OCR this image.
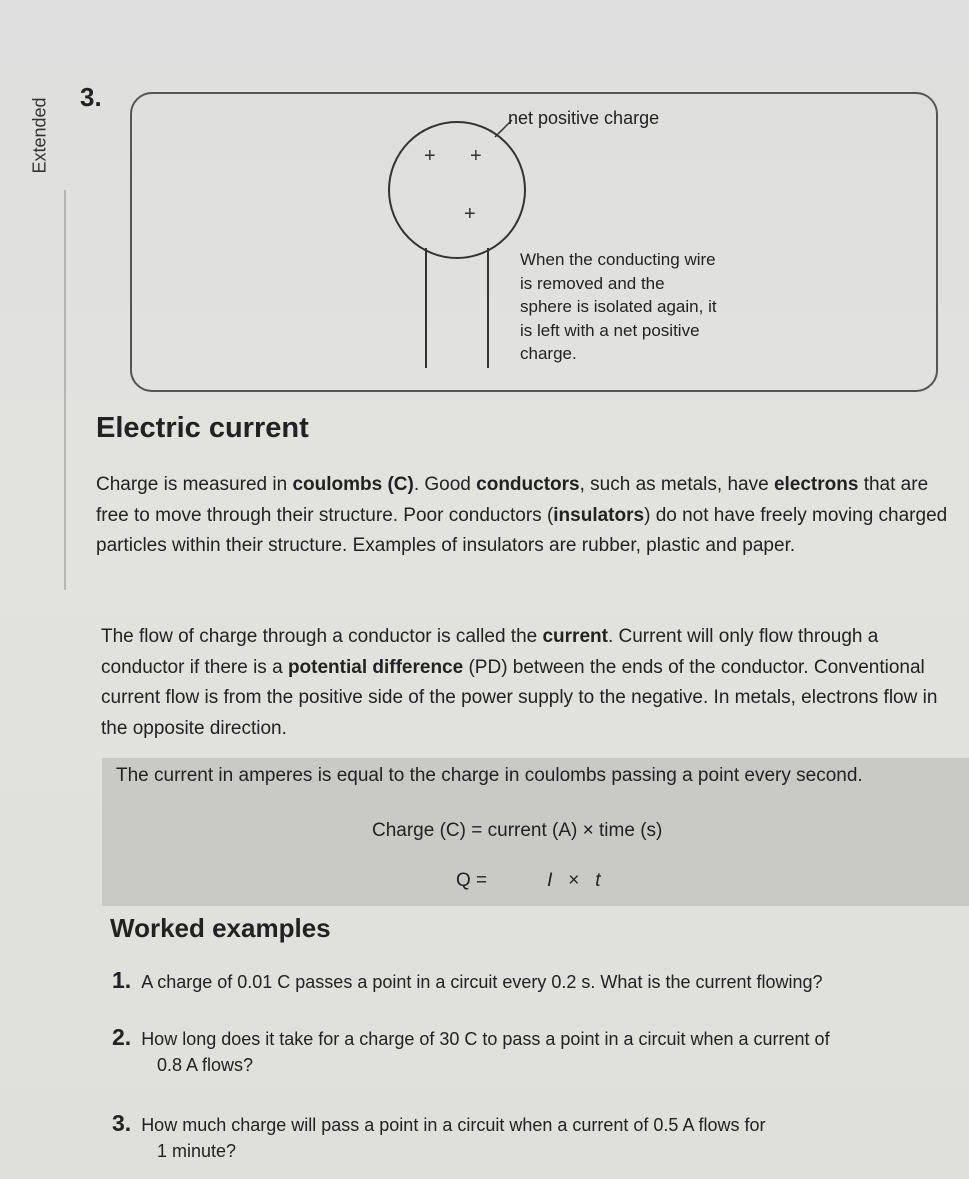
Extended 3.
+ +
+
net positive charge
When the conducting wire is removed and the sphere is isolated again, it is left with a net positive charge.
Electric current
Charge is measured in coulombs (C). Good conductors, such as metals, have electrons that are free to move through their structure. Poor conductors (insulators) do not have freely moving charged particles within their structure. Examples of insulators are rubber, plastic and paper.
The flow of charge through a conductor is called the current. Current will only flow through a conductor if there is a potential difference (PD) between the ends of the conductor. Conventional current flow is from the positive side of the power supply to the negative. In metals, electrons flow in the opposite direction.
The current in amperes is equal to the charge in coulombs passing a point every second.
Charge (C) = current (A) × time (s)
Q =	I × t
Worked examples
1. A charge of 0.01 C passes a point in a circuit every 0.2 s. What is the current flowing?
2. How long does it take for a charge of 30 C to pass a point in a circuit when a current of
0.8 A flows?
3. How much charge will pass a point in a circuit when a current of 0.5 A flows for
1 minute?
